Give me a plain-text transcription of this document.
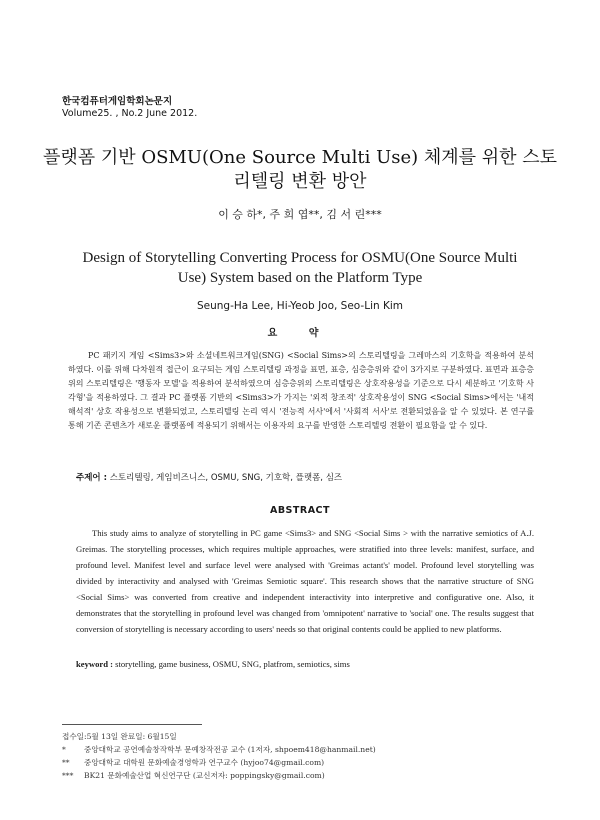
한국컴퓨터게임학회논문지
Volume25. , No.2 June 2012.
플랫폼 기반 OSMU(One Source Multi Use) 체계를 위한 스토리텔링 변환 방안
이 승 하*, 주 희 엽**, 김 서 린***
Design of Storytelling Converting Process for OSMU(One Source Multi Use) System based on the Platform Type
Seung-Ha Lee, Hi-Yeob Joo, Seo-Lin Kim
요 약

PC 패키지 게임 <Sims3>와 소셜네트워크게임(SNG) <Social Sims>의 스토리텔링을 그레마스의 기호학을 적용하여 분석하였다. 이를 위해 다차원적 접근이 요구되는 게임 스토리텔링 과정을 표면, 표층, 심층층위와 같이 3가지로 구분하였다. 표면과 표층층위의 스토리텔링은 '행동자 모델'을 적용하여 분석하였으며 심층층위의 스토리텔링은 상호작용성을 기준으로 다시 세분하고 '기호학 사각형'을 적용하였다. 그 결과 PC 플랫폼 기반의 <Sims3>가 가지는 '외적 창조적' 상호작용성이 SNG <Social Sims>에서는 '내적 해석적' 상호 작용성으로 변환되었고, 스토리텔링 논리 역시 '전능적 서사'에서 '사회적 서사'로 전환되었음을 알 수 있었다. 본 연구를 통해 기존 콘텐츠가 새로운 플랫폼에 적용되기 위해서는 이용자의 요구를 반영한 스토리텔링 전환이 필요함을 알 수 있다.

주제어 : 스토리텔링, 게임비즈니스, OSMU, SNG, 기호학, 플랫폼, 심즈
ABSTRACT

This study aims to analyze of storytelling in PC game <Sims3> and SNG <Social Sims > with the narrative semiotics of A.J. Greimas. The storytelling processes, which requires multiple approaches, were stratified into three levels: manifest, surface, and profound level. Manifest level and surface level were analysed with 'Greimas actant's' model. Profound level storytelling was divided by interactivity and analysed with 'Greimas Semiotic square'. This research shows that the narrative structure of SNG <Social Sims> was converted from creative and independent interactivity into interpretive and configurative one. Also, it demonstrates that the storytelling in profound level was changed from 'omnipotent' narrative to 'social' one. The results suggest that conversion of storytelling is necessary according to users' needs so that original contents could be applied to new platforms.

keyword : storytelling, game business, OSMU, SNG, platfrom, semiotics, sims
접수일:5월 13일 완료일: 6월15일
*	중앙대학교 공연예술창작학부 문예창작전공 교수 (1저자, shpoem418@hanmail.net)
**	중앙대학교 대학원 문화예술경영학과 연구교수 (hyjoo74@gmail.com)
***	BK21 문화예술산업 혁신연구단 (교신저자: poppingsky@gmail.com)
